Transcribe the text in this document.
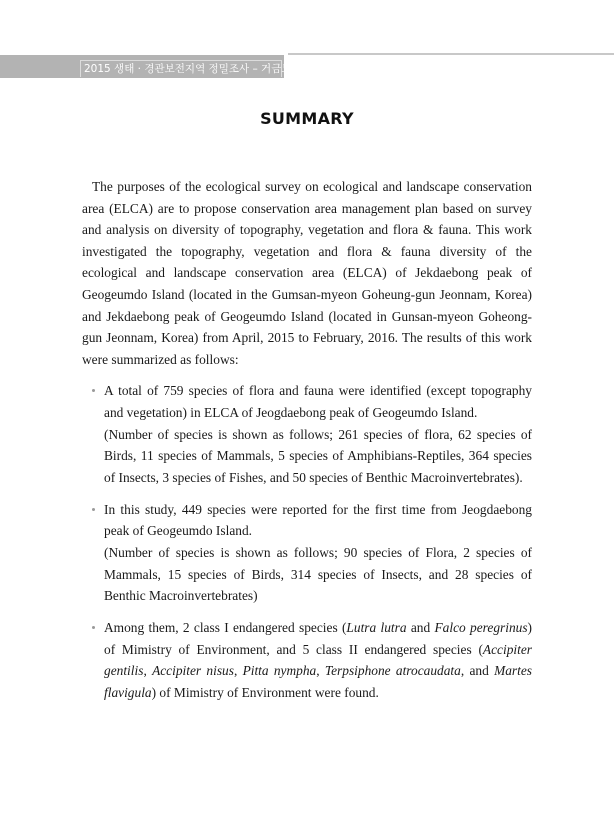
2015 생태 · 경관보전지역 정밀조사 – 거금도 적대봉
SUMMARY

The purposes of the ecological survey on ecological and landscape conservation area (ELCA) are to propose conservation area management plan based on survey and analysis on diversity of topography, vegetation and flora & fauna. This work investigated the topography, vegetation and flora & fauna diversity of the ecological and landscape conservation area (ELCA) of Jekdaebong peak of Geogeumdo Island (located in the Gumsan-myeon Goheung-gun Jeonnam, Korea) and Jekdaebong peak of Geogeumdo Island (located in Gunsan-myeon Goheong-gun Jeonnam, Korea) from April, 2015 to February, 2016. The results of this work were summarized as follows:

A total of 759 species of flora and fauna were identified (except topography and vegetation) in ELCA of Jeogdaebong peak of Geogeumdo Island.

(Number of species is shown as follows; 261 species of flora, 62 species of Birds, 11 species of Mammals, 5 species of Amphibians-Reptiles, 364 species of Insects, 3 species of Fishes, and 50 species of Benthic Macroinvertebrates).

In this study, 449 species were reported for the first time from Jeogdaebong peak of Geogeumdo Island.

(Number of species is shown as follows; 90 species of Flora, 2 species of Mammals, 15 species of Birds, 314 species of Insects, and 28 species of Benthic Macroinvertebrates)

Among them, 2 class I endangered species (Lutra lutra and Falco peregrinus) of Mimistry of Environment, and 5 class II endangered species (Accipiter gentilis, Accipiter nisus, Pitta nympha, Terpsiphone atrocaudata, and Martes flavigula) of Mimistry of Environment were found.
